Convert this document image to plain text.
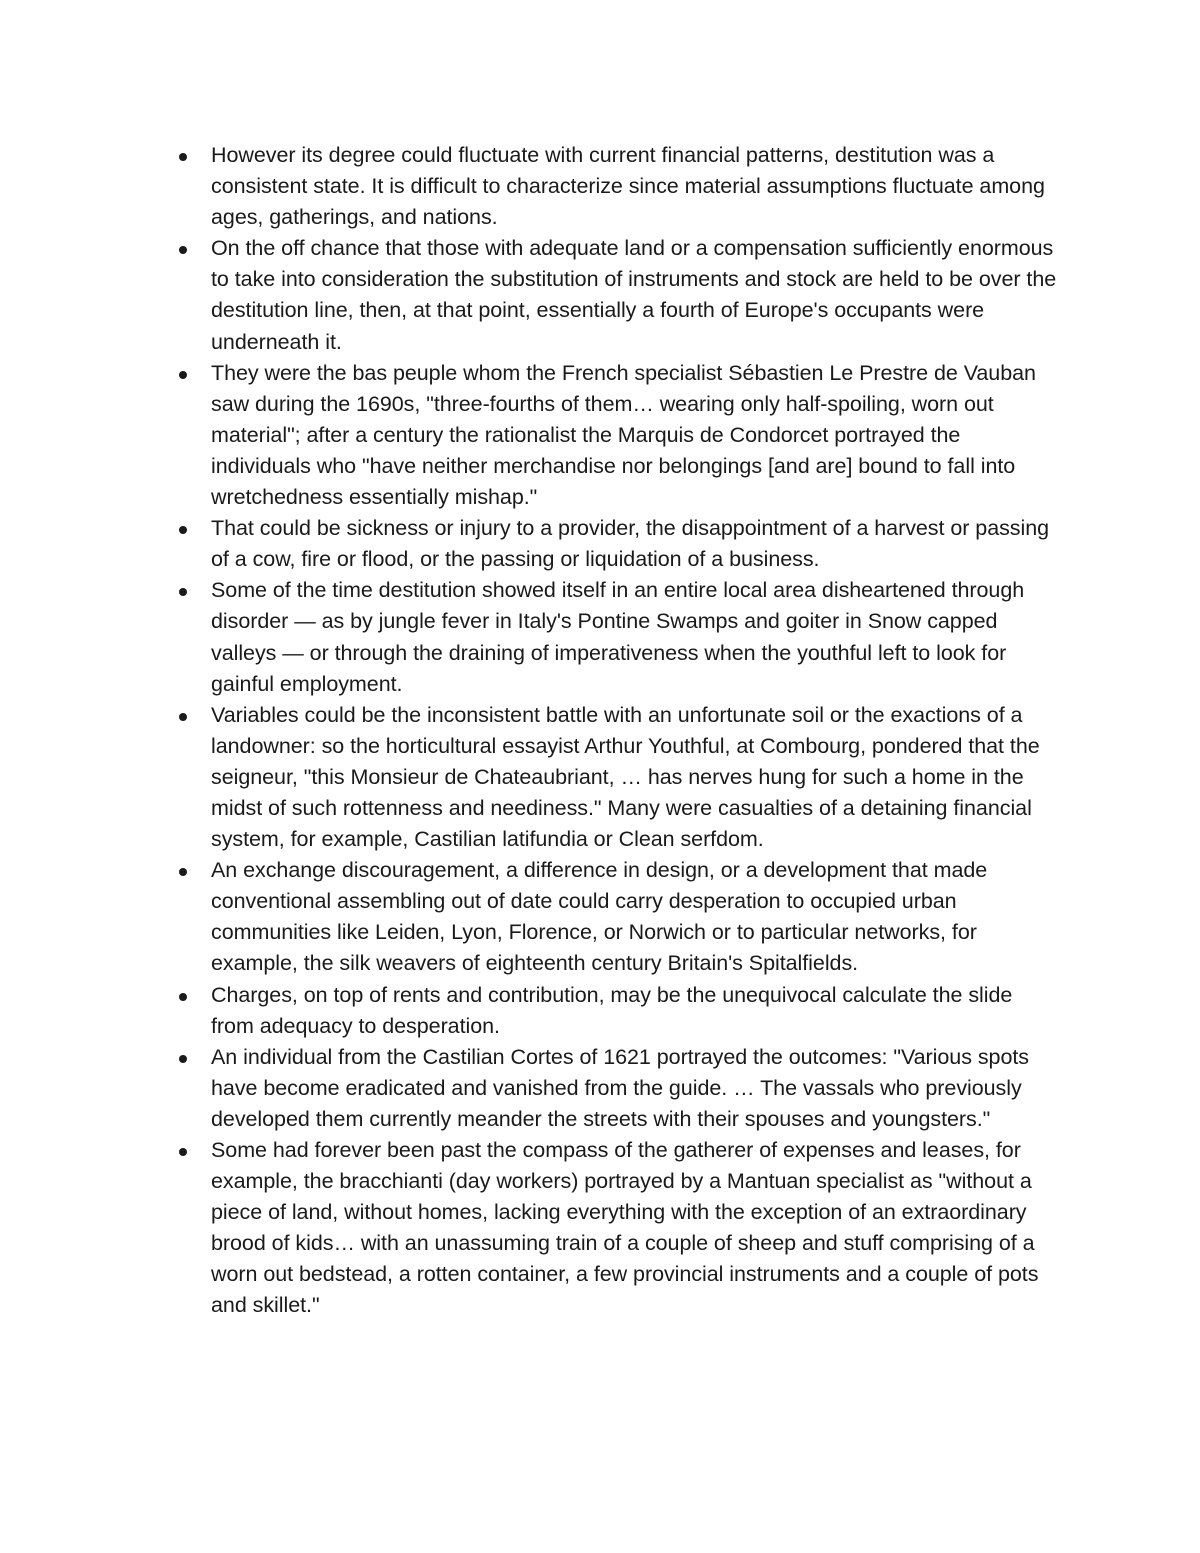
However its degree could fluctuate with current financial patterns, destitution was a consistent state. It is difficult to characterize since material assumptions fluctuate among ages, gatherings, and nations.
On the off chance that those with adequate land or a compensation sufficiently enormous to take into consideration the substitution of instruments and stock are held to be over the destitution line, then, at that point, essentially a fourth of Europe's occupants were underneath it.
They were the bas peuple whom the French specialist Sébastien Le Prestre de Vauban saw during the 1690s, "three-fourths of them… wearing only half-spoiling, worn out material"; after a century the rationalist the Marquis de Condorcet portrayed the individuals who "have neither merchandise nor belongings [and are] bound to fall into wretchedness essentially mishap."
That could be sickness or injury to a provider, the disappointment of a harvest or passing of a cow, fire or flood, or the passing or liquidation of a business.
Some of the time destitution showed itself in an entire local area disheartened through disorder — as by jungle fever in Italy's Pontine Swamps and goiter in Snow capped valleys — or through the draining of imperativeness when the youthful left to look for gainful employment.
Variables could be the inconsistent battle with an unfortunate soil or the exactions of a landowner: so the horticultural essayist Arthur Youthful, at Combourg, pondered that the seigneur, "this Monsieur de Chateaubriant, … has nerves hung for such a home in the midst of such rottenness and neediness." Many were casualties of a detaining financial system, for example, Castilian latifundia or Clean serfdom.
An exchange discouragement, a difference in design, or a development that made conventional assembling out of date could carry desperation to occupied urban communities like Leiden, Lyon, Florence, or Norwich or to particular networks, for example, the silk weavers of eighteenth century Britain's Spitalfields.
Charges, on top of rents and contribution, may be the unequivocal calculate the slide from adequacy to desperation.
An individual from the Castilian Cortes of 1621 portrayed the outcomes: "Various spots have become eradicated and vanished from the guide. … The vassals who previously developed them currently meander the streets with their spouses and youngsters."
Some had forever been past the compass of the gatherer of expenses and leases, for example, the bracchianti (day workers) portrayed by a Mantuan specialist as "without a piece of land, without homes, lacking everything with the exception of an extraordinary brood of kids… with an unassuming train of a couple of sheep and stuff comprising of a worn out bedstead, a rotten container, a few provincial instruments and a couple of pots and skillet."
